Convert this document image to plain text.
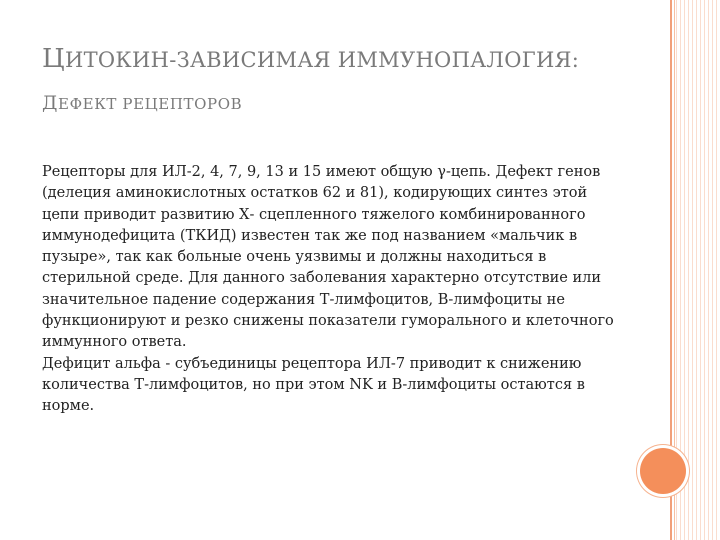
ЦИТОКИН-ЗАВИСИМАЯ ИММУНОПАЛОГИЯ:
ДЕФЕКТ РЕЦЕПТОРОВ

Рецепторы для ИЛ-2, 4, 7, 9, 13 и 15 имеют общую γ-цепь. Дефект генов (делеция аминокислотных остатков 62 и 81), кодирующих синтез этой цепи приводит развитию Х- сцепленного тяжелого комбинированного иммунодефицита (ТКИД) известен так же под названием «мальчик в пузыре», так как больные очень уязвимы и должны находиться в стерильной среде. Для данного заболевания характерно отсутствие или значительное падение содержания Т-лимфоцитов, В-лимфоциты не функционируют и резко снижены показатели гуморального и клеточного иммунного ответа.

Дефицит альфа - субъединицы рецептора ИЛ-7 приводит к снижению количества Т-лимфоцитов, но при этом NK и В-лимфоциты остаются в норме.
